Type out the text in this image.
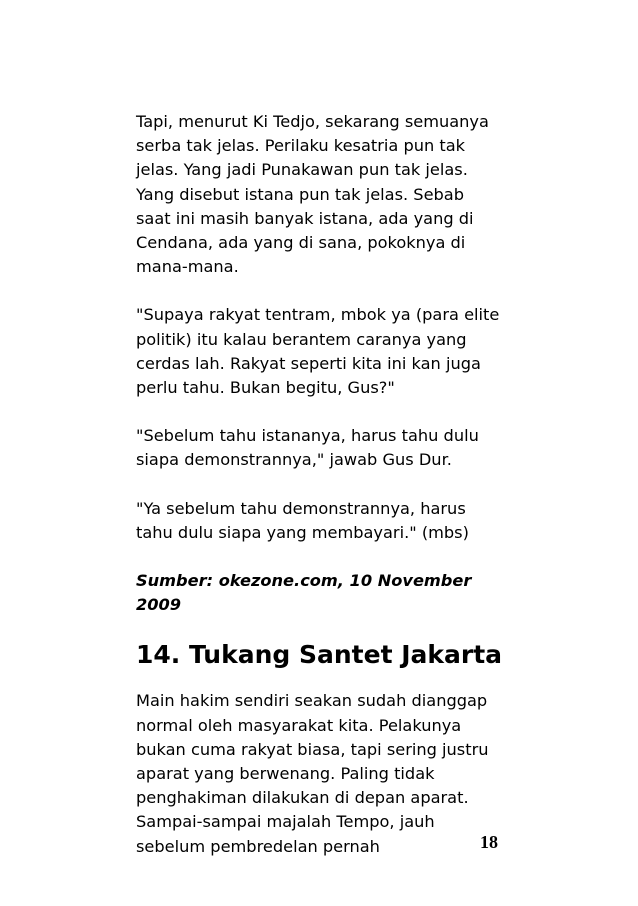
Tapi, menurut Ki Tedjo, sekarang semuanya
serba tak jelas. Perilaku kesatria pun tak
jelas. Yang jadi Punakawan pun tak jelas.
Yang disebut istana pun tak jelas. Sebab
saat ini masih banyak istana, ada yang di
Cendana, ada yang di sana, pokoknya di
mana-mana.

"Supaya rakyat tentram, mbok ya (para elite
politik) itu kalau berantem caranya yang
cerdas lah. Rakyat seperti kita ini kan juga
perlu tahu. Bukan begitu, Gus?"

"Sebelum tahu istananya, harus tahu dulu
siapa demonstrannya," jawab Gus Dur.

"Ya sebelum tahu demonstrannya, harus
tahu dulu siapa yang membayari." (mbs)

Sumber: okezone.com, 10 November
2009

14. Tukang Santet Jakarta

Main hakim sendiri seakan sudah dianggap
normal oleh masyarakat kita. Pelakunya
bukan cuma rakyat biasa, tapi sering justru
aparat yang berwenang. Paling tidak
penghakiman dilakukan di depan aparat.
Sampai-sampai majalah Tempo, jauh
sebelum pembredelan pernah	18
